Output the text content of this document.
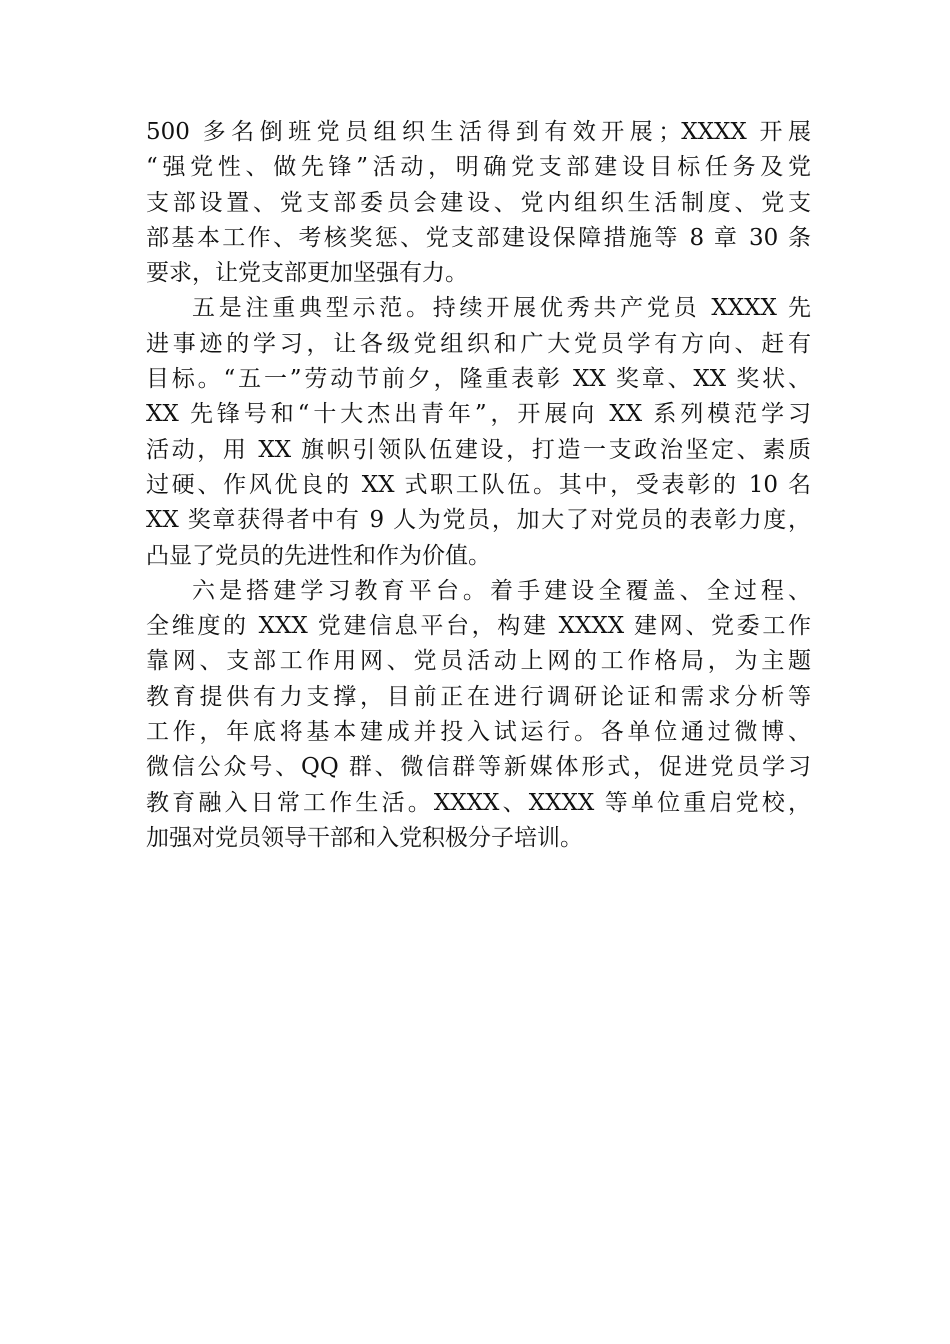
500 多名倒班党员组织生活得到有效开展；XXXX 开展
“强党性、做先锋”活动，明确党支部建设目标任务及党
支部设置、党支部委员会建设、党内组织生活制度、党支
部基本工作、考核奖惩、党支部建设保障措施等 8 章 30 条
要求，让党支部更加坚强有力。
五是注重典型示范。持续开展优秀共产党员 XXXX 先
进事迹的学习，让各级党组织和广大党员学有方向、赶有
目标。“五一”劳动节前夕，隆重表彰 XX 奖章、XX 奖状、
XX 先锋号和“十大杰出青年”，开展向 XX 系列模范学习
活动，用 XX 旗帜引领队伍建设，打造一支政治坚定、素质
过硬、作风优良的 XX 式职工队伍。其中，受表彰的 10 名
XX 奖章获得者中有 9 人为党员，加大了对党员的表彰力度，
凸显了党员的先进性和作为价值。
六是搭建学习教育平台。着手建设全覆盖、全过程、
全维度的 XXX 党建信息平台，构建 XXXX 建网、党委工作
靠网、支部工作用网、党员活动上网的工作格局，为主题
教育提供有力支撑，目前正在进行调研论证和需求分析等
工作，年底将基本建成并投入试运行。各单位通过微博、
微信公众号、QQ 群、微信群等新媒体形式，促进党员学习
教育融入日常工作生活。XXXX、XXXX 等单位重启党校，
加强对党员领导干部和入党积极分子培训。
